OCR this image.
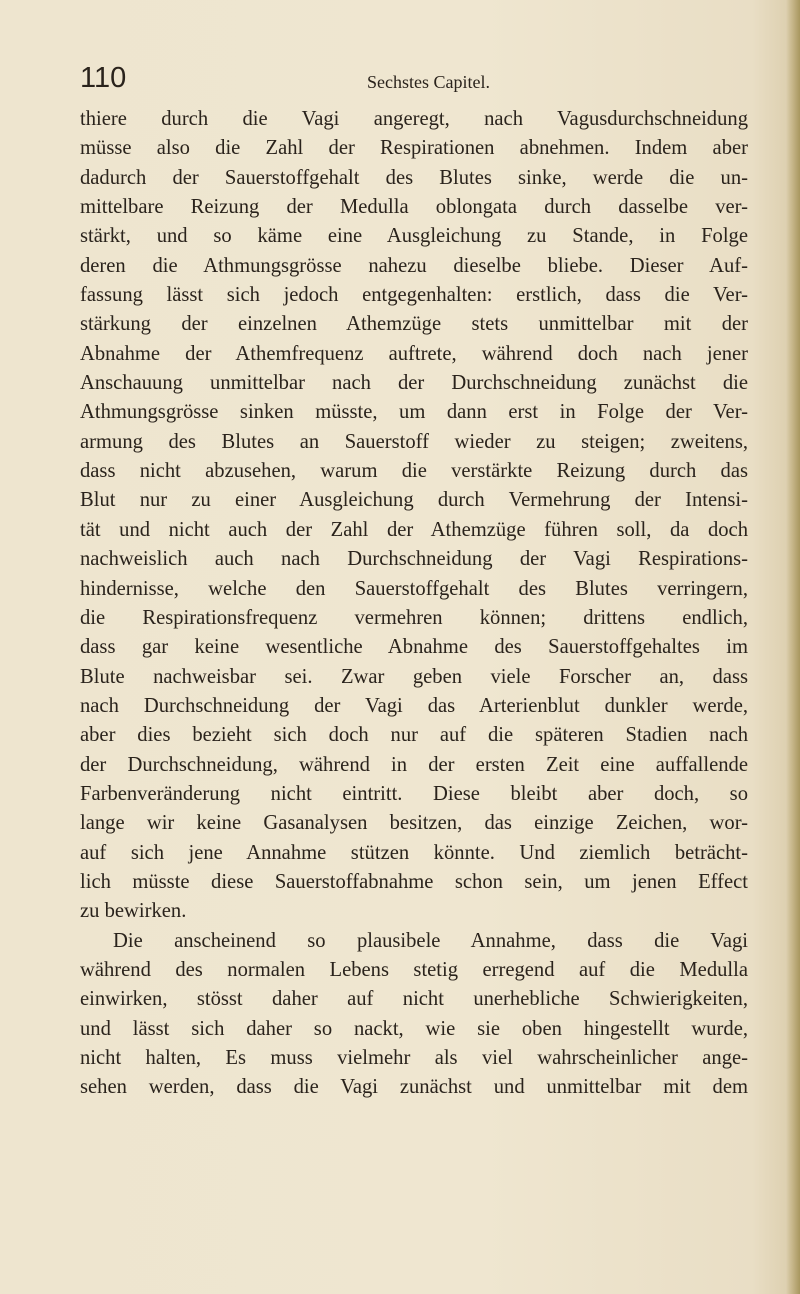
110	Sechstes Capitel.
thiere durch die Vagi angeregt, nach Vagusdurchschneidung
müsse also die Zahl der Respirationen abnehmen. Indem aber
dadurch der Sauerstoffgehalt des Blutes sinke, werde die un-
mittelbare Reizung der Medulla oblongata durch dasselbe ver-
stärkt, und so käme eine Ausgleichung zu Stande, in Folge
deren die Athmungsgrösse nahezu dieselbe bliebe. Dieser Auf-
fassung lässt sich jedoch entgegenhalten: erstlich, dass die Ver-
stärkung der einzelnen Athemzüge stets unmittelbar mit der
Abnahme der Athemfrequenz auftrete, während doch nach jener
Anschauung unmittelbar nach der Durchschneidung zunächst die
Athmungsgrösse sinken müsste, um dann erst in Folge der Ver-
armung des Blutes an Sauerstoff wieder zu steigen; zweitens,
dass nicht abzusehen, warum die verstärkte Reizung durch das
Blut nur zu einer Ausgleichung durch Vermehrung der Intensi-
tät und nicht auch der Zahl der Athemzüge führen soll, da doch
nachweislich auch nach Durchschneidung der Vagi Respirations-
hindernisse, welche den Sauerstoffgehalt des Blutes verringern,
die Respirationsfrequenz vermehren können; drittens endlich,
dass gar keine wesentliche Abnahme des Sauerstoffgehaltes im
Blute nachweisbar sei. Zwar geben viele Forscher an, dass
nach Durchschneidung der Vagi das Arterienblut dunkler werde,
aber dies bezieht sich doch nur auf die späteren Stadien nach
der Durchschneidung, während in der ersten Zeit eine auffallende
Farbenveränderung nicht eintritt. Diese bleibt aber doch, so
lange wir keine Gasanalysen besitzen, das einzige Zeichen, wor-
auf sich jene Annahme stützen könnte. Und ziemlich beträcht-
lich müsste diese Sauerstoffabnahme schon sein, um jenen Effect
zu bewirken.
Die anscheinend so plausibele Annahme, dass die Vagi
während des normalen Lebens stetig erregend auf die Medulla
einwirken, stösst daher auf nicht unerhebliche Schwierigkeiten,
und lässt sich daher so nackt, wie sie oben hingestellt wurde,
nicht halten, Es muss vielmehr als viel wahrscheinlicher ange-
sehen werden, dass die Vagi zunächst und unmittelbar mit dem
